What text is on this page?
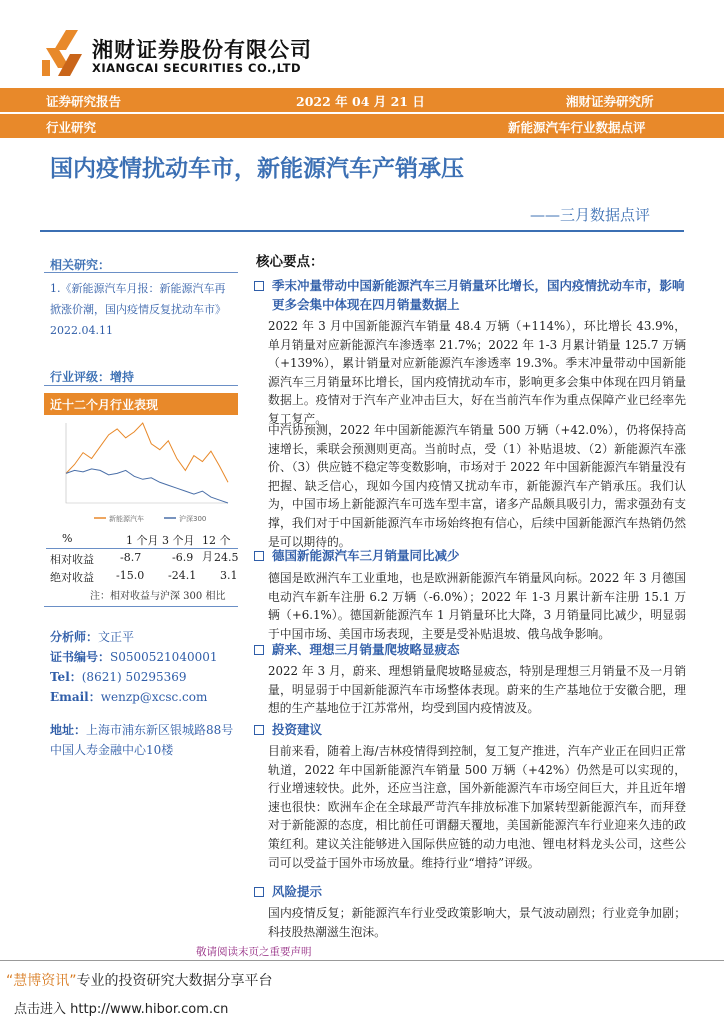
湘财证券股份有限公司
XIANGCAI SECURITIES CO.,LTD
证券研究报告	2022 年 04 月 21 日	湘财证券研究所
行业研究	新能源汽车行业数据点评
国内疫情扰动车市，新能源汽车产销承压
——三月数据点评
相关研究：
1.《新能源汽车月报：新能源汽车再掀涨价潮，国内疫情反复扰动车市》 2022.04.11
行业评级：增持
近十二个月行业表现
新能源汽车	沪深300
%	1 个月 3 个月 12 个月
相对收益 -8.7	-6.9 24.5
绝对收益 -15.0 -24.1 3.1
注：相对收益与沪深 300 相比
分析师：文正平
证书编号：S0500521040001
Tel：(8621) 50295369
Email：wenzp@xcsc.com
地址：上海市浦东新区银城路88号中国人寿金融中心10楼
核心要点：
季末冲量带动中国新能源汽车三月销量环比增长，国内疫情扰动车市，影响更多会集中体现在四月销量数据上
2022 年 3 月中国新能源汽车销量 48.4 万辆（+114%），环比增长 43.9%，单月销量对应新能源汽车渗透率 21.7%；2022 年 1-3 月累计销量 125.7 万辆（+139%），累计销量对应新能源汽车渗透率 19.3%。季末冲量带动中国新能源汽车三月销量环比增长，国内疫情扰动车市，影响更多会集中体现在四月销量数据上。疫情对于汽车产业冲击巨大，好在当前汽车作为重点保障产业已经率先复工复产。
中汽协预测，2022 年中国新能源汽车销量 500 万辆（+42.0%），仍将保持高速增长，乘联会预测则更高。当前时点，受（1）补贴退坡、（2）新能源汽车涨价、（3）供应链不稳定等变数影响，市场对于 2022 年中国新能源汽车销量没有把握、缺乏信心，现如今国内疫情又扰动车市，新能源汽车产销承压。我们认为，中国市场上新能源汽车可选车型丰富，诸多产品颇具吸引力，需求强劲有支撑，我们对于中国新能源汽车市场始终抱有信心，后续中国新能源汽车热销仍然是可以期待的。
德国新能源汽车三月销量同比减少
德国是欧洲汽车工业重地，也是欧洲新能源汽车销量风向标。2022 年 3 月德国电动汽车新车注册 6.2 万辆（-6.0%）；2022 年 1-3 月累计新车注册 15.1 万辆（+6.1%）。德国新能源汽车 1 月销量环比大降，3 月销量同比减少，明显弱于中国市场、美国市场表现，主要是受补贴退坡、俄乌战争影响。
蔚来、理想三月销量爬坡略显疲态
2022 年 3 月，蔚来、理想销量爬坡略显疲态，特别是理想三月销量不及一月销量，明显弱于中国新能源汽车市场整体表现。蔚来的生产基地位于安徽合肥，理想的生产基地位于江苏常州，均受到国内疫情波及。
投资建议
目前来看，随着上海/吉林疫情得到控制，复工复产推进，汽车产业正在回归正常轨道，2022 年中国新能源汽车销量 500 万辆（+42%）仍然是可以实现的，行业增速较快。此外，还应当注意，国外新能源汽车市场空间巨大，并且近年增速也很快：欧洲车企在全球最严苛汽车排放标准下加紧转型新能源汽车，而拜登对于新能源的态度，相比前任可谓翻天覆地，美国新能源汽车行业迎来久违的政策红利。建议关注能够进入国际供应链的动力电池、锂电材料龙头公司，这些公司可以受益于国外市场放量。维持行业“增持”评级。
风险提示
国内疫情反复；新能源汽车行业受政策影响大，景气波动剧烈；行业竞争加剧；科技股热潮滋生泡沫。
敬请阅读末页之重要声明
“慧博资讯”专业的投资研究大数据分享平台
点击进入 http://www.hibor.com.cn
